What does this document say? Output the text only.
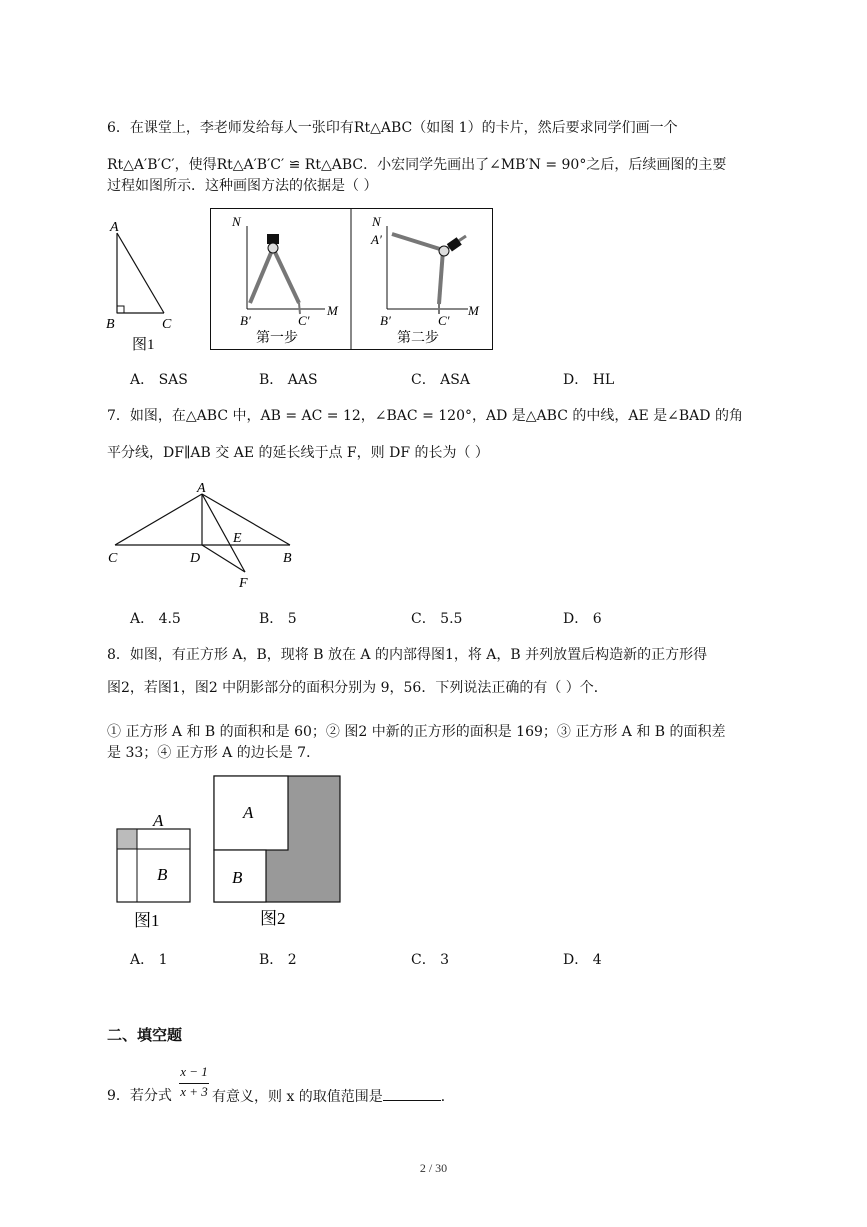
6．在课堂上，李老师发给每人一张印有Rt△ABC（如图 1）的卡片，然后要求同学们画一个
Rt△A′B′C′，使得Rt△A′B′C′ ≌ Rt△ABC．小宏同学先画出了∠MB′N = 90°之后，后续画图的主要
过程如图所示．这种画图方法的依据是（ ）
A
B	C
图1
N
M
B′	C′
第一步
N
A′
M
B′	C′
第二步
A． SAS	B． AAS	C． ASA	D． HL
7．如图，在△ABC 中，AB = AC = 12，∠BAC = 120°，AD 是△ABC 的中线，AE 是∠BAD 的角
平分线，DF∥AB 交 AE 的延长线于点 F，则 DF 的长为（ ）
A
C	D
E
B
F
A． 4.5	B． 5	C． 5.5	D． 6
8．如图，有正方形 A，B，现将 B 放在 A 的内部得图1，将 A，B 并列放置后构造新的正方形得
图2，若图1，图2 中阴影部分的面积分别为 9，56．下列说法正确的有（ ）个．
① 正方形 A 和 B 的面积和是 60；② 图2 中新的正方形的面积是 169；③ 正方形 A 和 B 的面积差
是 33；④ 正方形 A 的边长是 7．
A
B
图1
A
B
图2
A． 1	B． 2	C． 3	D． 4
二、填空题
x − 1
x + 3
9．若分式	有意义，则 x 的取值范围是	．
2 / 30
